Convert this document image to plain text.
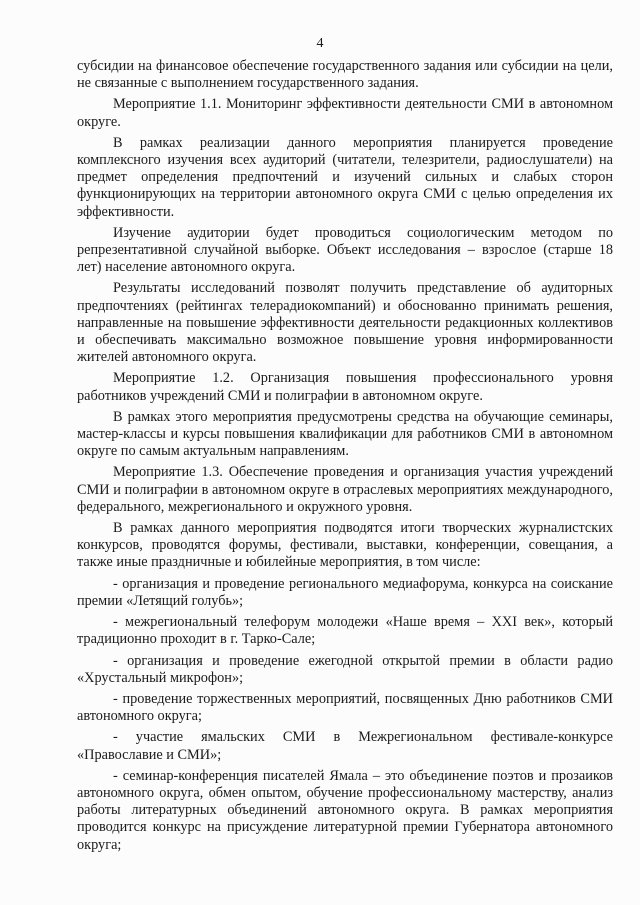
4

субсидии на финансовое обеспечение государственного задания или субсидии на цели, не связанные с выполнением государственного задания.

Мероприятие 1.1. Мониторинг эффективности деятельности СМИ в автономном округе.

В рамках реализации данного мероприятия планируется проведение комплексного изучения всех аудиторий (читатели, телезрители, радиослушатели) на предмет определения предпочтений и изучений сильных и слабых сторон функционирующих на территории автономного округа СМИ с целью определения их эффективности.

Изучение аудитории будет проводиться социологическим методом по репрезентативной случайной выборке. Объект исследования – взрослое (старше 18 лет) население автономного округа.

Результаты исследований позволят получить представление об аудиторных предпочтениях (рейтингах телерадиокомпаний) и обоснованно принимать решения, направленные на повышение эффективности деятельности редакционных коллективов и обеспечивать максимально возможное повышение уровня информированности жителей автономного округа.

Мероприятие 1.2. Организация повышения профессионального уровня работников учреждений СМИ и полиграфии в автономном округе.

В рамках этого мероприятия предусмотрены средства на обучающие семинары, мастер-классы и курсы повышения квалификации для работников СМИ в автономном округе по самым актуальным направлениям.

Мероприятие 1.3. Обеспечение проведения и организация участия учреждений СМИ и полиграфии в автономном округе в отраслевых мероприятиях международного, федерального, межрегионального и окружного уровня.

В рамках данного мероприятия подводятся итоги творческих журналистских конкурсов, проводятся форумы, фестивали, выставки, конференции, совещания, а также иные праздничные и юбилейные мероприятия, в том числе:

- организация и проведение регионального медиафорума, конкурса на соискание премии «Летящий голубь»;

- межрегиональный телефорум молодежи «Наше время – XXI век», который традиционно проходит в г. Тарко-Сале;

- организация и проведение ежегодной открытой премии в области радио «Хрустальный микрофон»;

- проведение торжественных мероприятий, посвященных Дню работников СМИ автономного округа;

- участие ямальских СМИ в Межрегиональном фестивале-конкурсе «Православие и СМИ»;

- семинар-конференция писателей Ямала – это объединение поэтов и прозаиков автономного округа, обмен опытом, обучение профессиональному мастерству, анализ работы литературных объединений автономного округа. В рамках мероприятия проводится конкурс на присуждение литературной премии Губернатора автономного округа;
